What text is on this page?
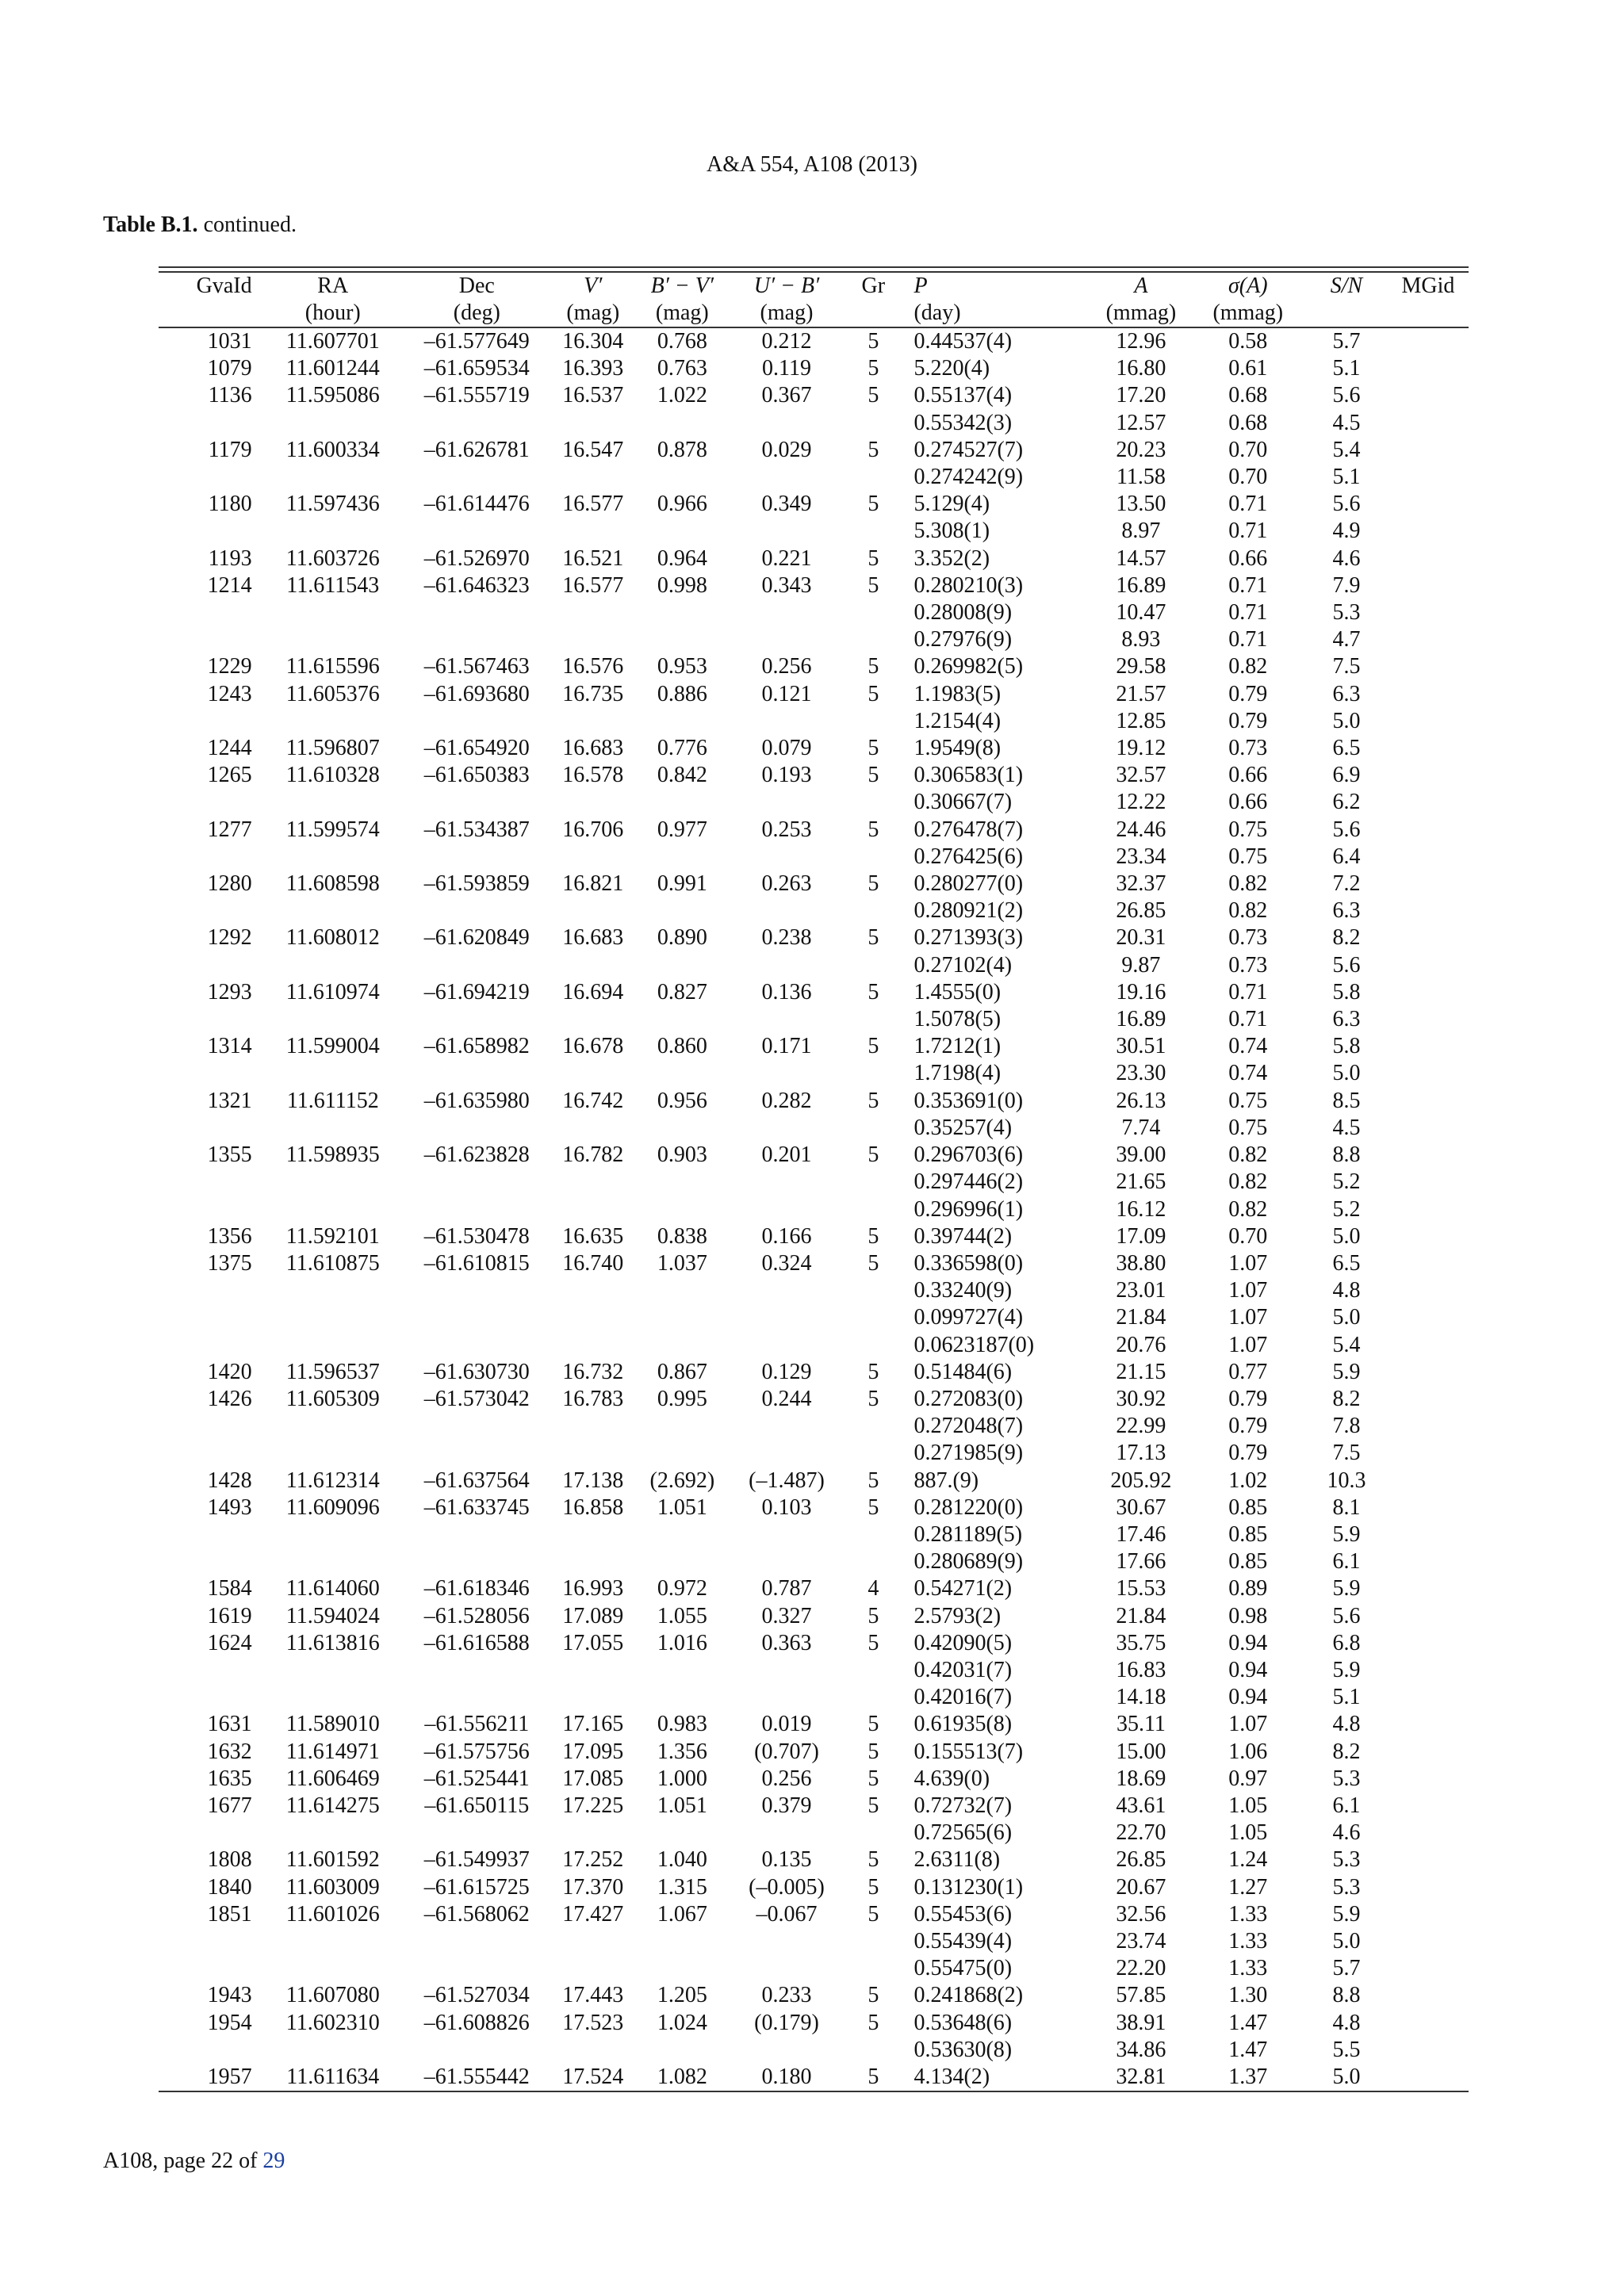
A&A 554, A108 (2013)
Table B.1. continued.
GvaId	RA	Dec	V′	B′ − V′	U′ − B′	Gr	P	A	σ(A)	S/N	MGid
	(hour)	(deg)	(mag)	(mag)	(mag)		(day)	(mmag)	(mmag)		
1031	11.607701	–61.577649	16.304	0.768	0.212	5	0.44537(4)	12.96	0.58	5.7	
1079	11.601244	–61.659534	16.393	0.763	0.119	5	5.220(4)	16.80	0.61	5.1	
1136	11.595086	–61.555719	16.537	1.022	0.367	5	0.55137(4)	17.20	0.68	5.6	
							0.55342(3)	12.57	0.68	4.5	
1179	11.600334	–61.626781	16.547	0.878	0.029	5	0.274527(7)	20.23	0.70	5.4	
							0.274242(9)	11.58	0.70	5.1	
1180	11.597436	–61.614476	16.577	0.966	0.349	5	5.129(4)	13.50	0.71	5.6	
							5.308(1)	8.97	0.71	4.9	
1193	11.603726	–61.526970	16.521	0.964	0.221	5	3.352(2)	14.57	0.66	4.6	
1214	11.611543	–61.646323	16.577	0.998	0.343	5	0.280210(3)	16.89	0.71	7.9	
							0.28008(9)	10.47	0.71	5.3	
							0.27976(9)	8.93	0.71	4.7	
1229	11.615596	–61.567463	16.576	0.953	0.256	5	0.269982(5)	29.58	0.82	7.5	
1243	11.605376	–61.693680	16.735	0.886	0.121	5	1.1983(5)	21.57	0.79	6.3	
							1.2154(4)	12.85	0.79	5.0	
1244	11.596807	–61.654920	16.683	0.776	0.079	5	1.9549(8)	19.12	0.73	6.5	
1265	11.610328	–61.650383	16.578	0.842	0.193	5	0.306583(1)	32.57	0.66	6.9	
							0.30667(7)	12.22	0.66	6.2	
1277	11.599574	–61.534387	16.706	0.977	0.253	5	0.276478(7)	24.46	0.75	5.6	
							0.276425(6)	23.34	0.75	6.4	
1280	11.608598	–61.593859	16.821	0.991	0.263	5	0.280277(0)	32.37	0.82	7.2	
							0.280921(2)	26.85	0.82	6.3	
1292	11.608012	–61.620849	16.683	0.890	0.238	5	0.271393(3)	20.31	0.73	8.2	
							0.27102(4)	9.87	0.73	5.6	
1293	11.610974	–61.694219	16.694	0.827	0.136	5	1.4555(0)	19.16	0.71	5.8	
							1.5078(5)	16.89	0.71	6.3	
1314	11.599004	–61.658982	16.678	0.860	0.171	5	1.7212(1)	30.51	0.74	5.8	
							1.7198(4)	23.30	0.74	5.0	
1321	11.611152	–61.635980	16.742	0.956	0.282	5	0.353691(0)	26.13	0.75	8.5	
							0.35257(4)	7.74	0.75	4.5	
1355	11.598935	–61.623828	16.782	0.903	0.201	5	0.296703(6)	39.00	0.82	8.8	
							0.297446(2)	21.65	0.82	5.2	
							0.296996(1)	16.12	0.82	5.2	
1356	11.592101	–61.530478	16.635	0.838	0.166	5	0.39744(2)	17.09	0.70	5.0	
1375	11.610875	–61.610815	16.740	1.037	0.324	5	0.336598(0)	38.80	1.07	6.5	
							0.33240(9)	23.01	1.07	4.8	
							0.099727(4)	21.84	1.07	5.0	
							0.0623187(0)	20.76	1.07	5.4	
1420	11.596537	–61.630730	16.732	0.867	0.129	5	0.51484(6)	21.15	0.77	5.9	
1426	11.605309	–61.573042	16.783	0.995	0.244	5	0.272083(0)	30.92	0.79	8.2	
							0.272048(7)	22.99	0.79	7.8	
							0.271985(9)	17.13	0.79	7.5	
1428	11.612314	–61.637564	17.138	(2.692)	(–1.487)	5	887.(9)	205.92	1.02	10.3	
1493	11.609096	–61.633745	16.858	1.051	0.103	5	0.281220(0)	30.67	0.85	8.1	
							0.281189(5)	17.46	0.85	5.9	
							0.280689(9)	17.66	0.85	6.1	
1584	11.614060	–61.618346	16.993	0.972	0.787	4	0.54271(2)	15.53	0.89	5.9	
1619	11.594024	–61.528056	17.089	1.055	0.327	5	2.5793(2)	21.84	0.98	5.6	
1624	11.613816	–61.616588	17.055	1.016	0.363	5	0.42090(5)	35.75	0.94	6.8	
							0.42031(7)	16.83	0.94	5.9	
							0.42016(7)	14.18	0.94	5.1	
1631	11.589010	–61.556211	17.165	0.983	0.019	5	0.61935(8)	35.11	1.07	4.8	
1632	11.614971	–61.575756	17.095	1.356	(0.707)	5	0.155513(7)	15.00	1.06	8.2	
1635	11.606469	–61.525441	17.085	1.000	0.256	5	4.639(0)	18.69	0.97	5.3	
1677	11.614275	–61.650115	17.225	1.051	0.379	5	0.72732(7)	43.61	1.05	6.1	
							0.72565(6)	22.70	1.05	4.6	
1808	11.601592	–61.549937	17.252	1.040	0.135	5	2.6311(8)	26.85	1.24	5.3	
1840	11.603009	–61.615725	17.370	1.315	(–0.005)	5	0.131230(1)	20.67	1.27	5.3	
1851	11.601026	–61.568062	17.427	1.067	–0.067	5	0.55453(6)	32.56	1.33	5.9	
							0.55439(4)	23.74	1.33	5.0	
							0.55475(0)	22.20	1.33	5.7	
1943	11.607080	–61.527034	17.443	1.205	0.233	5	0.241868(2)	57.85	1.30	8.8	
1954	11.602310	–61.608826	17.523	1.024	(0.179)	5	0.53648(6)	38.91	1.47	4.8	
							0.53630(8)	34.86	1.47	5.5	
1957	11.611634	–61.555442	17.524	1.082	0.180	5	4.134(2)	32.81	1.37	5.0	
A108, page 22 of 29
